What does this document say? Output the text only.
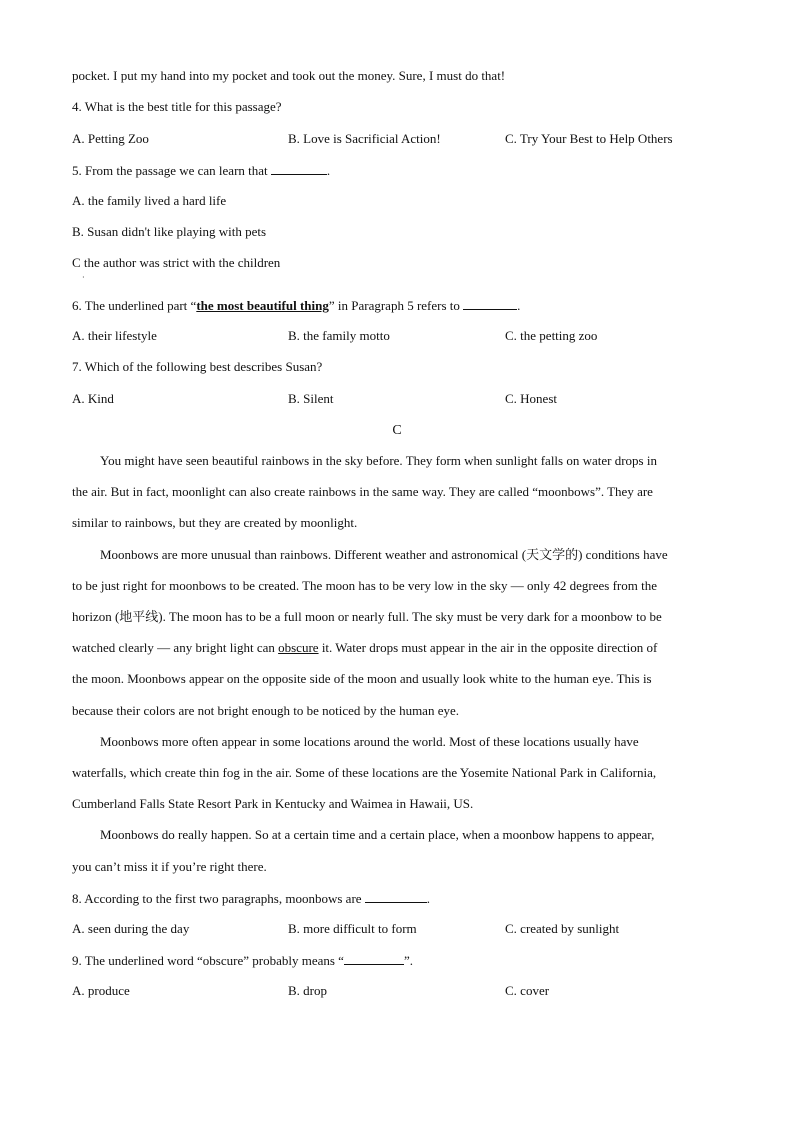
pocket. I put my hand into my pocket and took out the money. Sure, I must do that!
4. What is the best title for this passage?
A. Petting Zoo	B. Love is Sacrificial Action!	C. Try Your Best to Help Others
5. From the passage we can learn that	.
A. the family lived a hard life
B. Susan didn't like playing with pets
C the author was strict with the children
·
6. The underlined part “the most beautiful thing” in Paragraph 5 refers to	.
A. their lifestyle	B. the family motto	C. the petting zoo
7. Which of the following best describes Susan?
A. Kind	B. Silent	C. Honest
C
You might have seen beautiful rainbows in the sky before. They form when sunlight falls on water drops in
the air. But in fact, moonlight can also create rainbows in the same way. They are called “moonbows”. They are
similar to rainbows, but they are created by moonlight.
Moonbows are more unusual than rainbows. Different weather and astronomical (天文学的) conditions have
to be just right for moonbows to be created. The moon has to be very low in the sky — only 42 degrees from the
horizon (地平线). The moon has to be a full moon or nearly full. The sky must be very dark for a moonbow to be
watched clearly — any bright light can obscure it. Water drops must appear in the air in the opposite direction of
the moon. Moonbows appear on the opposite side of the moon and usually look white to the human eye. This is
because their colors are not bright enough to be noticed by the human eye.
Moonbows more often appear in some locations around the world. Most of these locations usually have
waterfalls, which create thin fog in the air. Some of these locations are the Yosemite National Park in California,
Cumberland Falls State Resort Park in Kentucky and Waimea in Hawaii, US.
Moonbows do really happen. So at a certain time and a certain place, when a moonbow happens to appear,
you can’t miss it if you’re right there.
8. According to the first two paragraphs, moonbows are	.
A. seen during the day	B. more difficult to form	C. created by sunlight
9. The underlined word “obscure” probably means “	”.
A. produce	B. drop	C. cover
